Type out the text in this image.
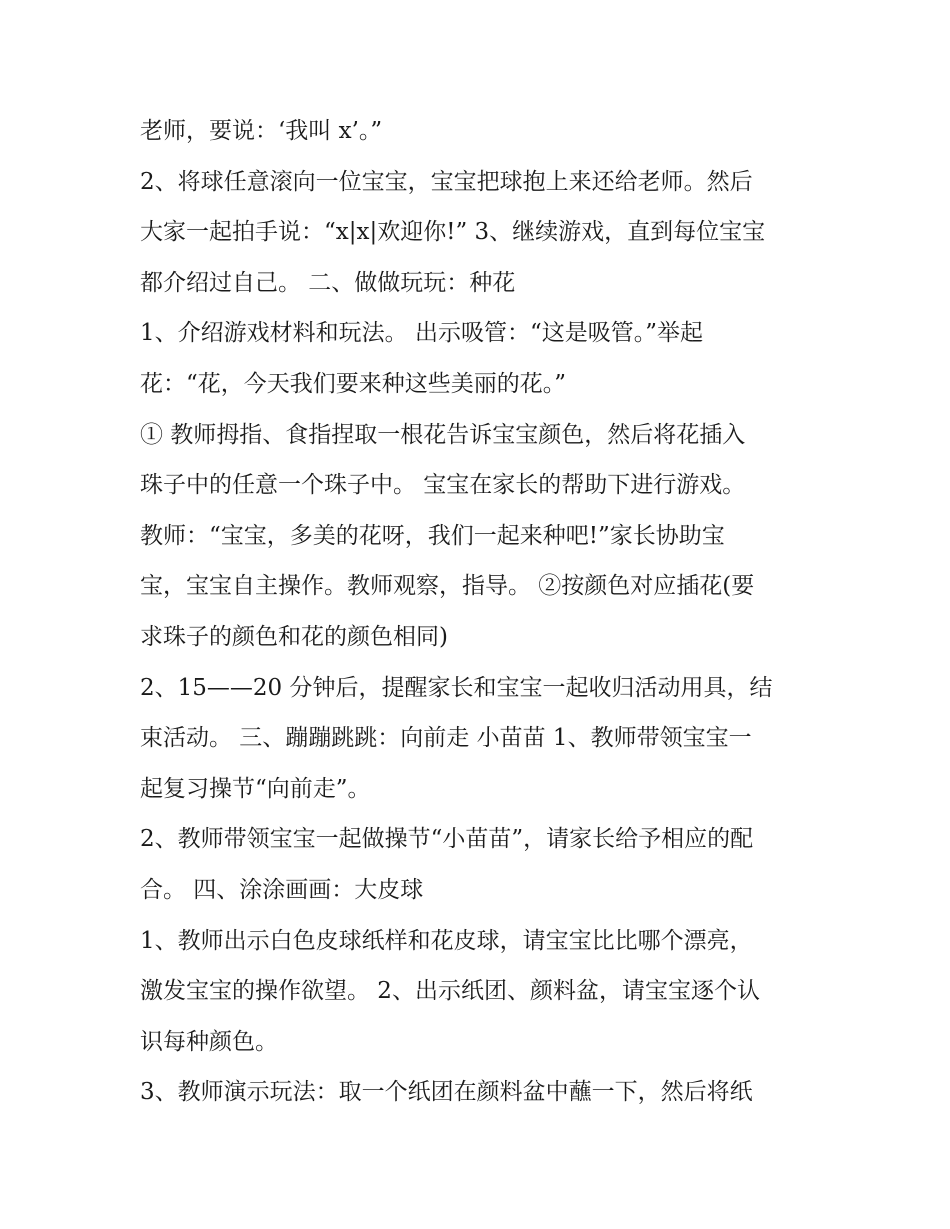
老师，要说：‘我叫 x’。”
2、将球任意滚向一位宝宝，宝宝把球抱上来还给老师。然后
大家一起拍手说：“x|x|欢迎你!” 3、继续游戏，直到每位宝宝
都介绍过自己。 二、做做玩玩：种花
1、介绍游戏材料和玩法。 出示吸管：“这是吸管。”举起
花：“花，今天我们要来种这些美丽的花。”
① 教师拇指、食指捏取一根花告诉宝宝颜色，然后将花插入
珠子中的任意一个珠子中。 宝宝在家长的帮助下进行游戏。
教师：“宝宝，多美的花呀，我们一起来种吧!”家长协助宝
宝，宝宝自主操作。教师观察，指导。 ②按颜色对应插花(要
求珠子的颜色和花的颜色相同)
2、15——20 分钟后，提醒家长和宝宝一起收归活动用具，结
束活动。 三、蹦蹦跳跳：向前走 小苗苗 1、教师带领宝宝一
起复习操节“向前走”。
2、教师带领宝宝一起做操节“小苗苗”，请家长给予相应的配
合。 四、涂涂画画：大皮球
1、教师出示白色皮球纸样和花皮球，请宝宝比比哪个漂亮，
激发宝宝的操作欲望。 2、出示纸团、颜料盆，请宝宝逐个认
识每种颜色。
3、教师演示玩法：取一个纸团在颜料盆中蘸一下，然后将纸
